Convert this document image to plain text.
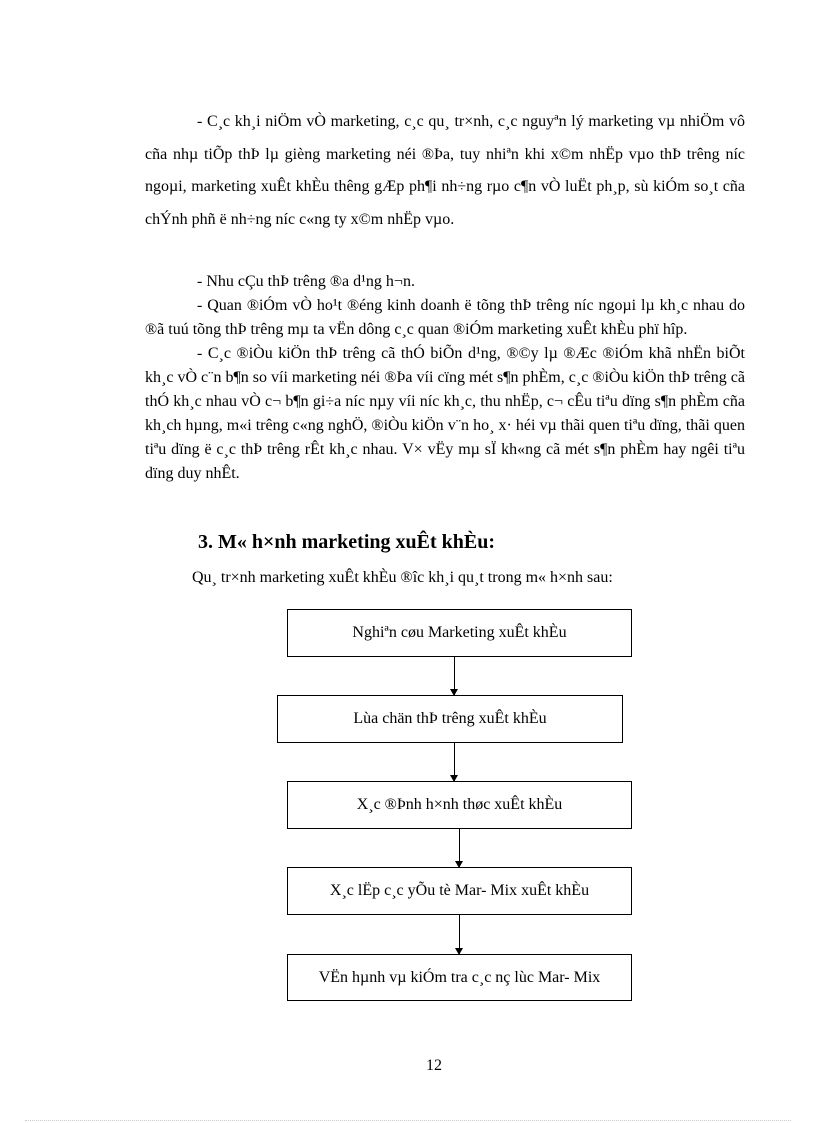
- C¸c kh¸i niÖm vÒ marketing, c¸c qu¸ tr×nh, c¸c nguyªn lý marketing vµ nhiÖm vô cña nhµ tiÕp thÞ lµ gièng marketing néi ®Þa, tuy nhiªn khi x©m nhËp vµo thÞ trêng níc ngoµi, marketing xuÊt khÈu thêng gÆp ph¶i nh÷ng rµo c¶n vÒ luËt ph¸p, sù kiÓm so¸t cña chÝnh phñ ë nh÷ng níc c«ng ty x©m nhËp vµo.

- Nhu cÇu thÞ trêng ®a d¹ng h¬n.

- Quan ®iÓm vÒ ho¹t ®éng kinh doanh ë tõng thÞ trêng níc ngoµi lµ kh¸c nhau do ®ã tuú tõng thÞ trêng mµ ta vËn dông c¸c quan ®iÓm marketing xuÊt khÈu phï hîp.

- C¸c ®iÒu kiÖn thÞ trêng cã thÓ biÕn d¹ng, ®©y lµ ®Æc ®iÓm khã nhËn biÕt kh¸c vÒ c¨n b¶n so víi marketing néi ®Þa víi cïng mét s¶n phÈm, c¸c ®iÒu kiÖn thÞ trêng cã thÓ kh¸c nhau vÒ c¬ b¶n gi÷a níc nµy víi níc kh¸c, thu nhËp, c¬ cÊu tiªu dïng s¶n phÈm cña kh¸ch hµng, m«i trêng c«ng nghÖ, ®iÒu kiÖn v¨n ho¸ x· héi vµ thãi quen tiªu dïng, thãi quen tiªu dïng ë c¸c thÞ trêng rÊt kh¸c nhau. V× vËy mµ sÏ kh«ng cã mét s¶n phÈm hay ngêi tiªu dïng duy nhÊt.

3. M« h×nh marketing xuÊt khÈu:

Qu¸ tr×nh marketing xuÊt khÈu ®îc kh¸i qu¸t trong m« h×nh sau:

Nghiªn cøu Marketing xuÊt khÈu
Lùa chän thÞ trêng xuÊt khÈu
X¸c ®Þnh h×nh thøc xuÊt khÈu
X¸c lËp c¸c yÕu tè Mar- Mix xuÊt khÈu
VËn hµnh vµ kiÓm tra c¸c nç lùc Mar- Mix
12
